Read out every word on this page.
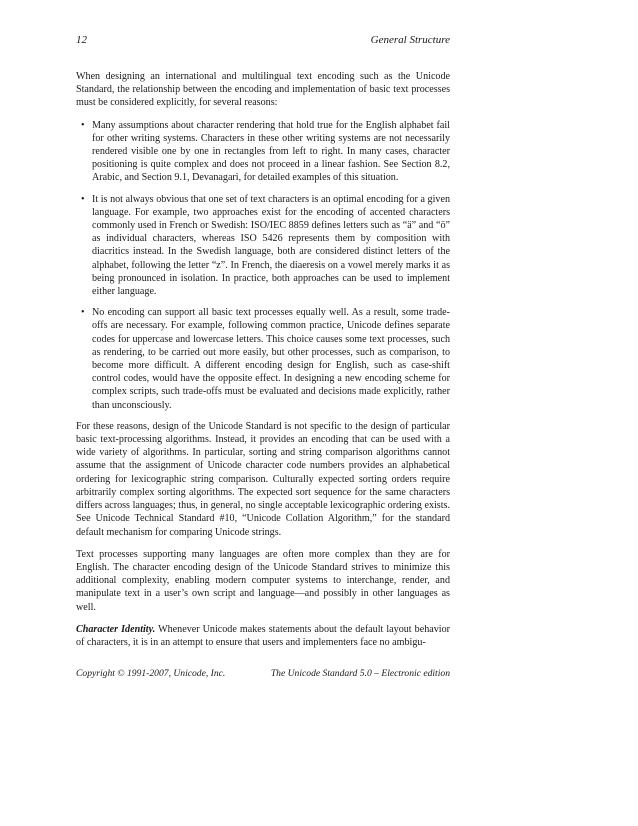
12	General Structure

When designing an international and multilingual text encoding such as the Unicode Standard, the relationship between the encoding and implementation of basic text processes must be considered explicitly, for several reasons:

• Many assumptions about character rendering that hold true for the English alphabet fail for other writing systems. Characters in these other writing systems are not necessarily rendered visible one by one in rectangles from left to right. In many cases, character positioning is quite complex and does not proceed in a linear fashion. See Section 8.2, Arabic, and Section 9.1, Devanagari, for detailed examples of this situation.
• It is not always obvious that one set of text characters is an optimal encoding for a given language. For example, two approaches exist for the encoding of accented characters commonly used in French or Swedish: ISO/IEC 8859 defines letters such as “ä” and “ö” as individual characters, whereas ISO 5426 represents them by composition with diacritics instead. In the Swedish language, both are considered distinct letters of the alphabet, following the letter “z”. In French, the diaeresis on a vowel merely marks it as being pronounced in isolation. In practice, both approaches can be used to implement either language.
• No encoding can support all basic text processes equally well. As a result, some trade-offs are necessary. For example, following common practice, Unicode defines separate codes for uppercase and lowercase letters. This choice causes some text processes, such as rendering, to be carried out more easily, but other processes, such as comparison, to become more difficult. A different encoding design for English, such as case-shift control codes, would have the opposite effect. In designing a new encoding scheme for complex scripts, such trade-offs must be evaluated and decisions made explicitly, rather than unconsciously.

For these reasons, design of the Unicode Standard is not specific to the design of particular basic text-processing algorithms. Instead, it provides an encoding that can be used with a wide variety of algorithms. In particular, sorting and string comparison algorithms cannot assume that the assignment of Unicode character code numbers provides an alphabetical ordering for lexicographic string comparison. Culturally expected sorting orders require arbitrarily complex sorting algorithms. The expected sort sequence for the same characters differs across languages; thus, in general, no single acceptable lexicographic ordering exists. See Unicode Technical Standard #10, “Unicode Collation Algorithm,” for the standard default mechanism for comparing Unicode strings.

Text processes supporting many languages are often more complex than they are for English. The character encoding design of the Unicode Standard strives to minimize this additional complexity, enabling modern computer systems to interchange, render, and manipulate text in a user’s own script and language—and possibly in other languages as well.

Character Identity. Whenever Unicode makes statements about the default layout behavior of characters, it is in an attempt to ensure that users and implementers face no ambigu-

Copyright © 1991-2007, Unicode, Inc.	The Unicode Standard 5.0 – Electronic edition
